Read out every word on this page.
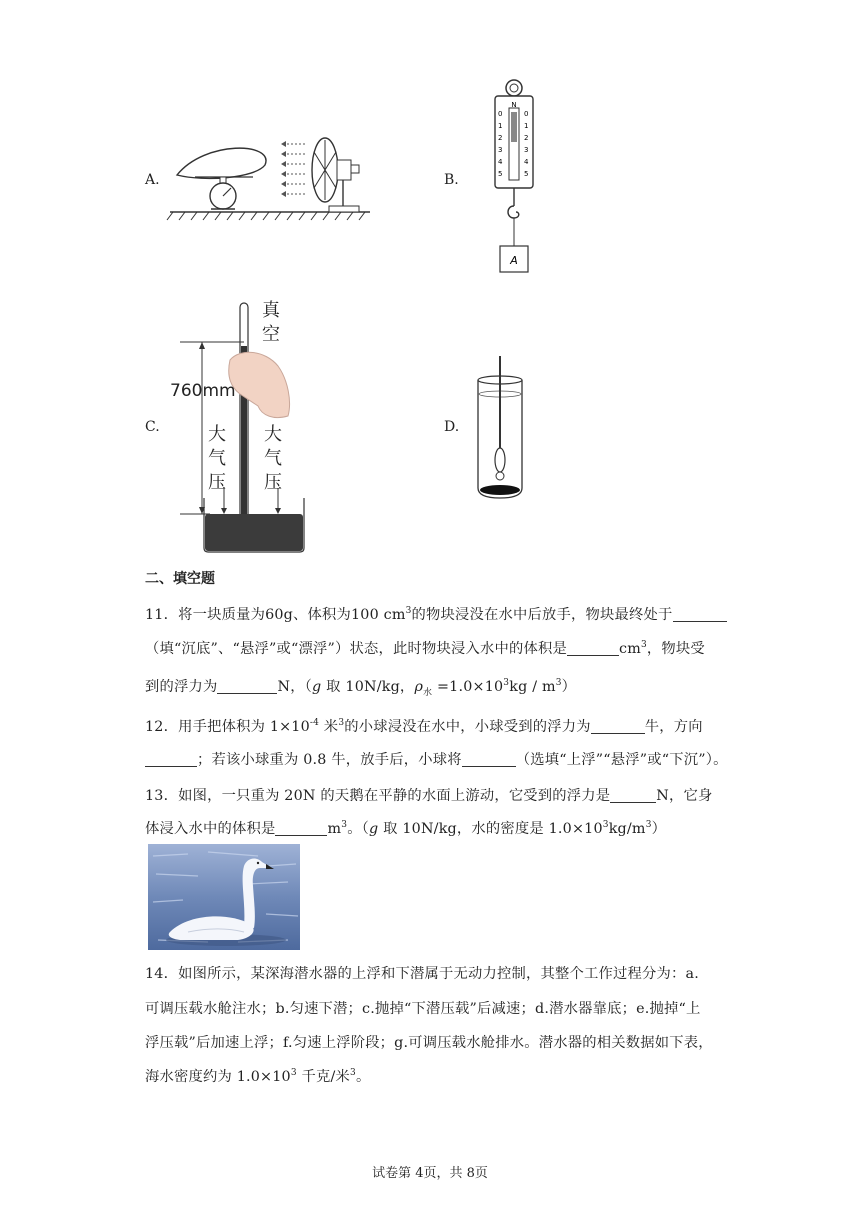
A.	B.
N
0
1
2
3
4
5
0
1
2
3
4
5
A
C.
真
空
760mm
大
气
压
大
气
压
D.
二、填空题
11．将一块质量为60g、体积为100 $cm^3$的物块浸没在水中后放手，物块最终处于
（填“沉底”、“悬浮”或“漂浮”）状态，此时物块浸入水中的体积是	$cm^3$，物块受
到的浮力为	N，（g 取 10N/kg，$\rho_水 =1.0\times 10^3kg / m^3$）
12．用手把体积为 $1\times 10^{-4}$ 米$^3$的小球浸没在水中，小球受到的浮力为	牛，方向
；若该小球重为 0.8 牛，放手后，小球将	（选填“上浮”“悬浮”或“下沉”）。
13．如图，一只重为 20N 的天鹅在平静的水面上游动，它受到的浮力是	N，它身
体浸入水中的体积是	$m^3$。（g 取 10N/kg，水的密度是 $1.0\times 10^3kg/m^3$）
14．如图所示，某深海潜水器的上浮和下潜属于无动力控制，其整个工作过程分为：a.
可调压载水舱注水；b.匀速下潜；c.抛掉“下潜压载”后减速；d.潜水器靠底；e.抛掉“上
浮压载”后加速上浮；f.匀速上浮阶段；g.可调压载水舱排水。潜水器的相关数据如下表，
海水密度约为 $1.0\times 10^3$ 千克/米$^3$。
试卷第 4页，共 8页
